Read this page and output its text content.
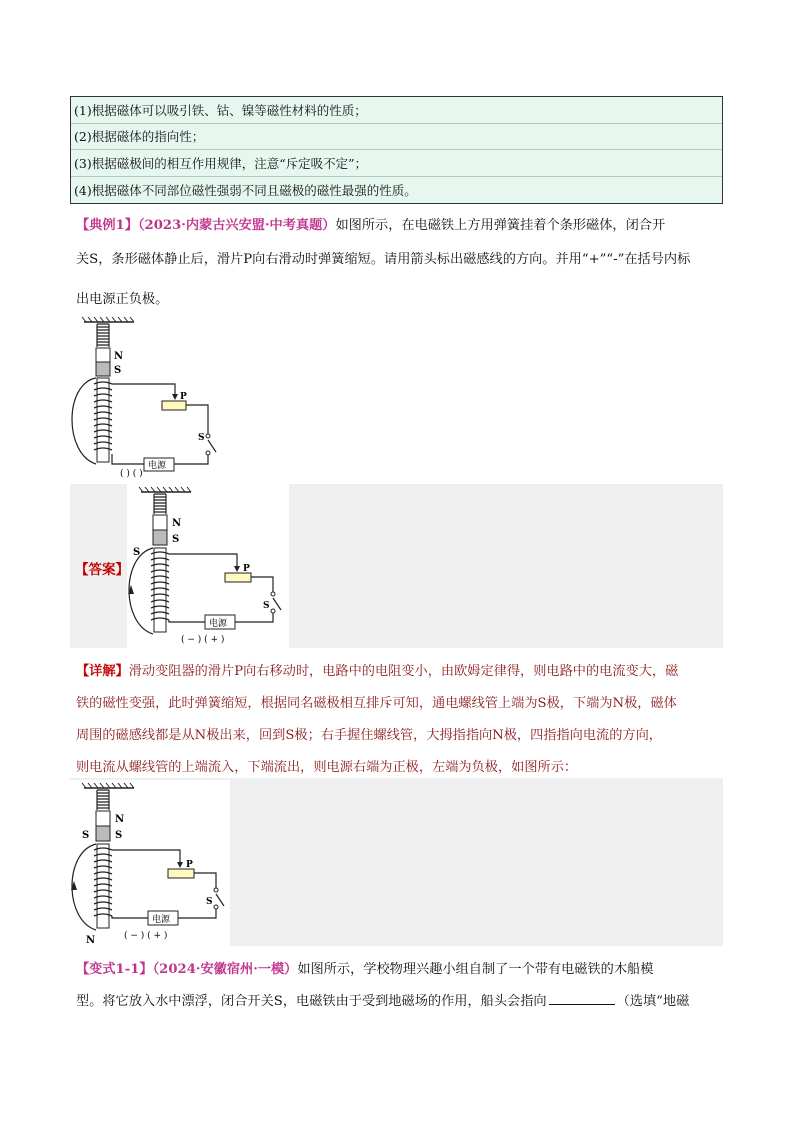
(1)根据磁体可以吸引铁、钴、镍等磁性材料的性质；
(2)根据磁体的指向性；
(3)根据磁极间的相互作用规律，注意“斥定吸不定”；
(4)根据磁体不同部位磁性强弱不同且磁极的磁性最强的性质。
【典例1】（2023·内蒙古兴安盟·中考真题）如图所示，在电磁铁上方用弹簧挂着个条形磁体，闭合开
关S，条形磁体静止后，滑片P向右滑动时弹簧缩短。请用箭头标出磁感线的方向。并用“+”“-”在括号内标
出电源正负极。
N
S
P
S
电源
( ) ( )
【答案】
N
S
S
P
S
电源
( − ) ( + )
【详解】滑动变阻器的滑片P向右移动时，电路中的电阻变小，由欧姆定律得，则电路中的电流变大，磁
铁的磁性变强，此时弹簧缩短，根据同名磁极相互排斥可知，通电螺线管上端为S极，下端为N极，磁体
周围的磁感线都是从N极出来，回到S极；右手握住螺线管，大拇指指向N极，四指指向电流的方向，
则电流从螺线管的上端流入，下端流出，则电源右端为正极，左端为负极，如图所示：
N
S
S
N
P
S
电源
( − ) ( + )
【变式1-1】（2024·安徽宿州·一模）如图所示，学校物理兴趣小组自制了一个带有电磁铁的木船模
型。将它放入水中漂浮，闭合开关S，电磁铁由于受到地磁场的作用，船头会指向	（选填“地磁
